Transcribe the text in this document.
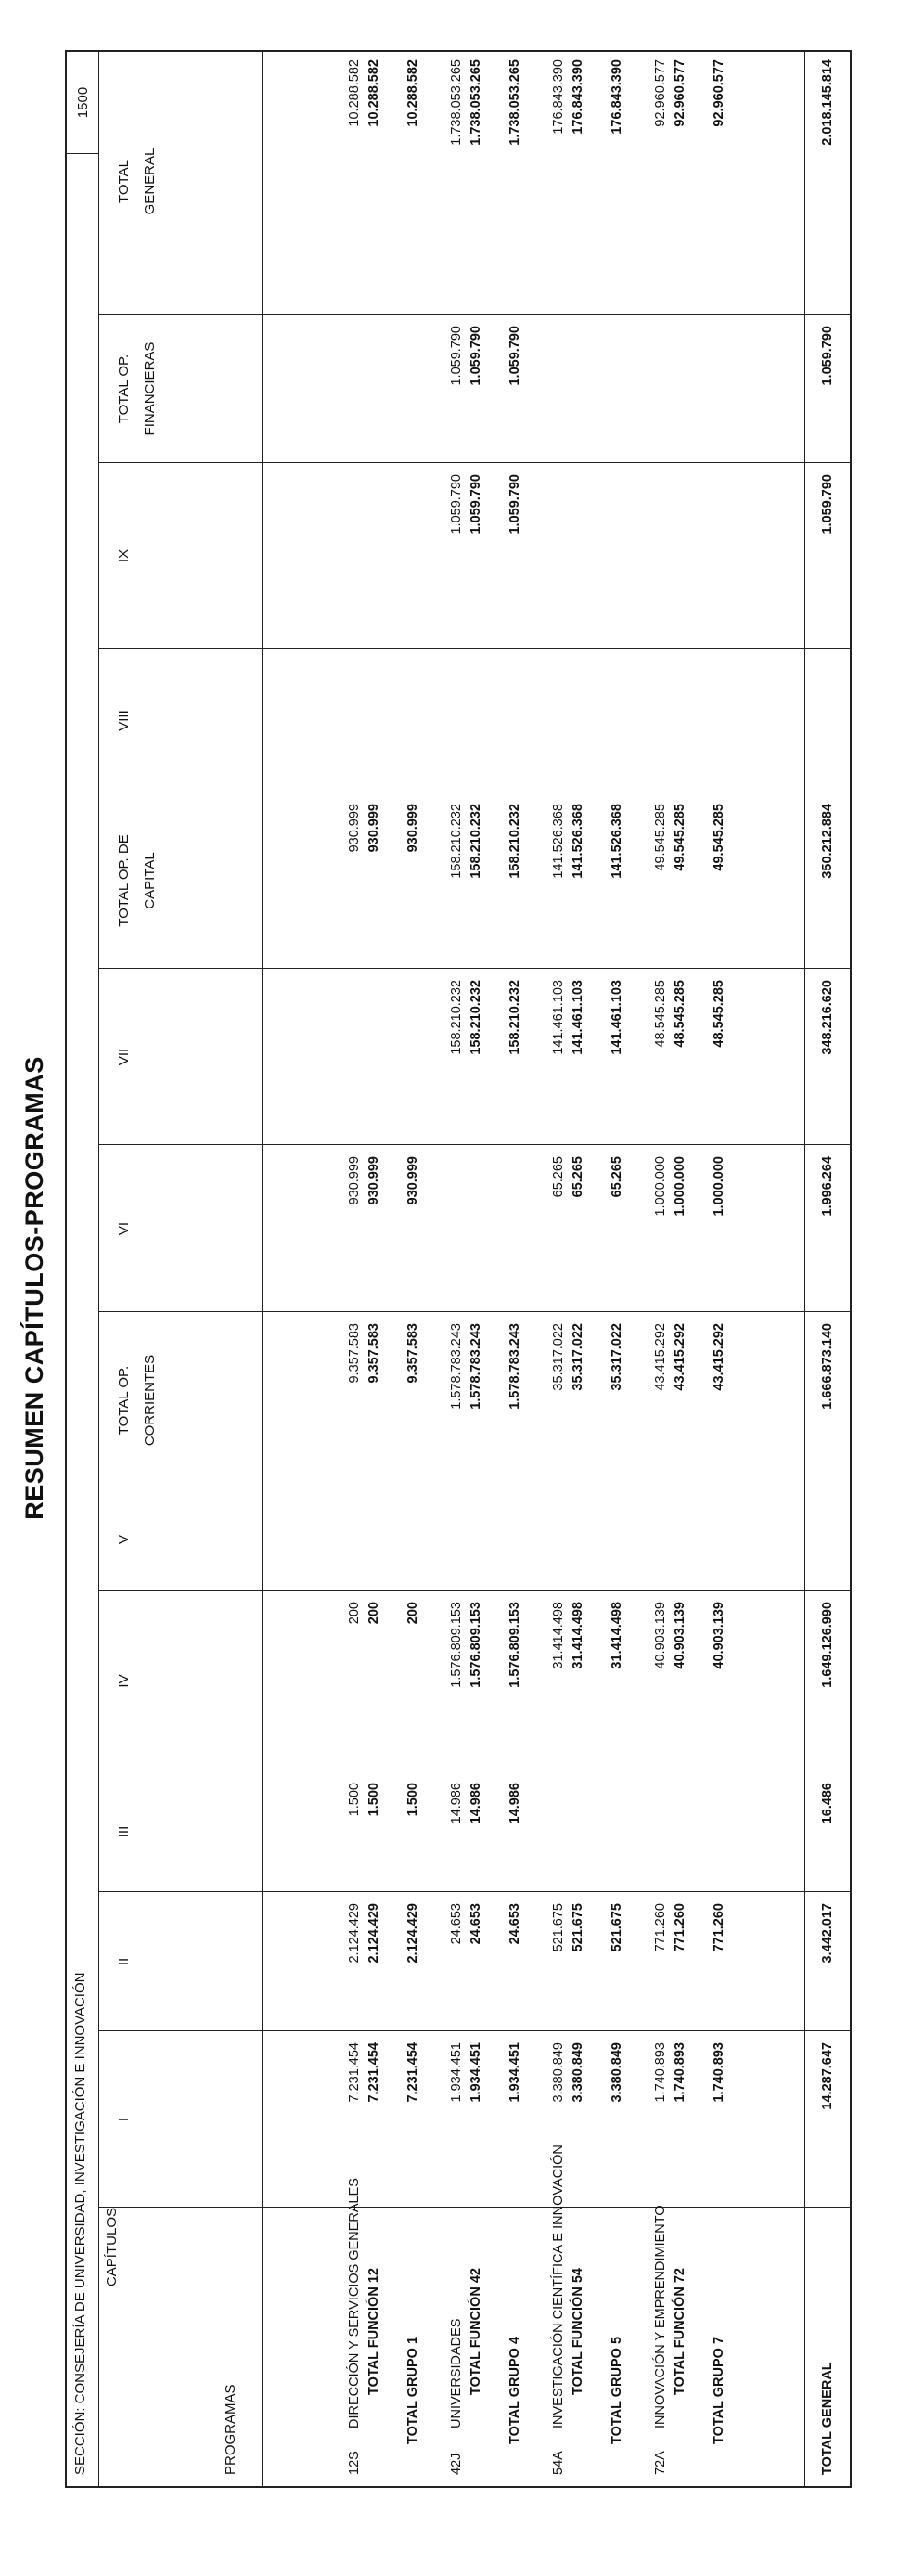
RESUMEN CAPÍTULOS-PROGRAMAS
SECCIÓN: CONSEJERÍA DE UNIVERSIDAD, INVESTIGACIÓN E INNOVACIÓN
1500
CAPÍTULOS
PROGRAMAS
I
II
III
IV
V
TOTAL OP. CORRIENTES
VI
VII
TOTAL OP. DE CAPITAL
VIII
IX
TOTAL OP. FINANCIERAS
TOTAL GENERAL
12S
DIRECCIÓN Y SERVICIOS GENERALES
7.231.454
2.124.429
1.500
200
9.357.583
930.999
930.999
10.288.582
TOTAL FUNCIÓN 12
7.231.454
2.124.429
1.500
200
9.357.583
930.999
930.999
10.288.582
TOTAL GRUPO 1
7.231.454
2.124.429
1.500
200
9.357.583
930.999
930.999
10.288.582
42J
UNIVERSIDADES
1.934.451
24.653
14.986
1.576.809.153
1.578.783.243
158.210.232
158.210.232
1.059.790
1.059.790
1.738.053.265
TOTAL FUNCIÓN 42
1.934.451
24.653
14.986
1.576.809.153
1.578.783.243
158.210.232
158.210.232
1.059.790
1.059.790
1.738.053.265
TOTAL GRUPO 4
1.934.451
24.653
14.986
1.576.809.153
1.578.783.243
158.210.232
158.210.232
1.059.790
1.059.790
1.738.053.265
54A
INVESTIGACIÓN CIENTÍFICA E INNOVACIÓN
3.380.849
521.675
31.414.498
35.317.022
65.265
141.461.103
141.526.368
176.843.390
TOTAL FUNCIÓN 54
3.380.849
521.675
31.414.498
35.317.022
65.265
141.461.103
141.526.368
176.843.390
TOTAL GRUPO 5
3.380.849
521.675
31.414.498
35.317.022
65.265
141.461.103
141.526.368
176.843.390
72A
INNOVACIÓN Y EMPRENDIMIENTO
1.740.893
771.260
40.903.139
43.415.292
1.000.000
48.545.285
49.545.285
92.960.577
TOTAL FUNCIÓN 72
1.740.893
771.260
40.903.139
43.415.292
1.000.000
48.545.285
49.545.285
92.960.577
TOTAL GRUPO 7
1.740.893
771.260
40.903.139
43.415.292
1.000.000
48.545.285
49.545.285
92.960.577
TOTAL GENERAL
14.287.647
3.442.017
16.486
1.649.126.990
1.666.873.140
1.996.264
348.216.620
350.212.884
1.059.790
1.059.790
2.018.145.814
